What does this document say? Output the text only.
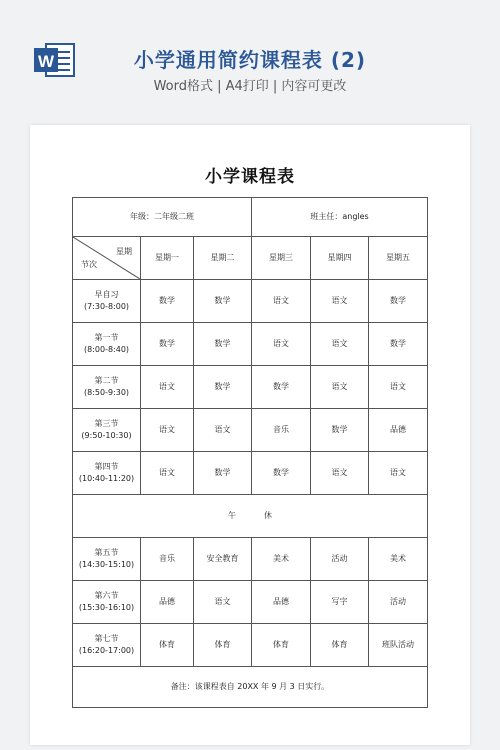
W	小学通用简约课程表 (2)
Word格式 | A4打印 | 内容可更改
小学课程表
年级：二年级二班			班主任：angles		

星期
节次	星期一	星期二	星期三	星期四	星期五

早自习
(7:30-8:00)	数学	数学	语文	语文	数学

第一节
(8:00-8:40)	数学	数学	语文	语文	数学

第二节
(8:50-9:30)	语文	数学	数学	语文	语文

第三节
(9:50-10:30)	语文	语文	音乐	数学	品德

第四节
(10:40-11:20)	语文	数学	数学	语文	语文
午 休					

第五节
(14:30-15:10)	音乐	安全教育	美术	活动	美术

第六节
(15:30-16:10)	品德	语文	品德	写字	活动

第七节
(16:20-17:00)	体育	体育	体育	体育	班队活动
备注：该课程表自 20XX 年 9 月 3 日实行。					
